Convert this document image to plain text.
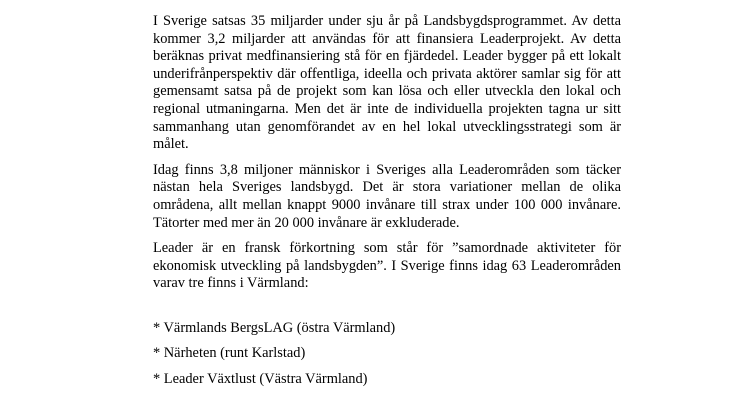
I Sverige satsas 35 miljarder under sju år på Landsbygdsprogrammet. Av detta kommer 3,2 miljarder att användas för att finansiera Leaderprojekt. Av detta beräknas privat medfinansiering stå för en fjärdedel. Leader bygger på ett lokalt underifrånperspektiv där offentliga, ideella och privata aktörer samlar sig för att gemensamt satsa på de projekt som kan lösa och eller utveckla den lokal och regional utmaningarna. Men det är inte de individuella projekten tagna ur sitt sammanhang utan genomförandet av en hel lokal utvecklingsstrategi som är målet.

Idag finns 3,8 miljoner människor i Sveriges alla Leaderområden som täcker nästan hela Sveriges landsbygd. Det är stora variationer mellan de olika områdena, allt mellan knappt 9000 invånare till strax under 100 000 invånare. Tätorter med mer än 20 000 invånare är exkluderade.

Leader är en fransk förkortning som står för ”samordnade aktiviteter för ekonomisk utveckling på landsbygden”. I Sverige finns idag 63 Leaderområden varav tre finns i Värmland:

* Värmlands BergsLAG (östra Värmland)
* Närheten (runt Karlstad)
* Leader Växtlust (Västra Värmland)
